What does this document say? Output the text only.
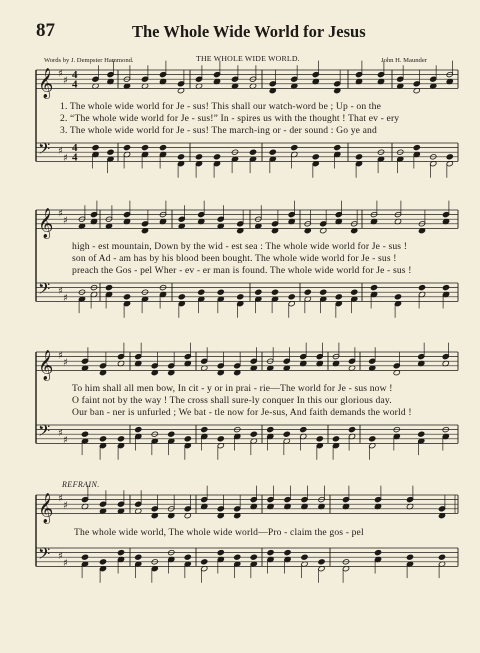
87	The Whole Wide World for Jesus
Words by J. Dempster Hammond.	THE WHOLE WIDE WORLD.	John H. Maunder
𝄞
𝄢
♯
♯
♯
♯
4
4
4
4
𝄞
𝄢
♯
♯
♯
♯
𝄞
𝄢
♯
♯
♯
♯
𝄞
𝄢
♯
♯
♯
♯
1. The whole wide world for Je - sus! This shall our watch-word be ; Up - on the
2. “The whole wide world for Je - sus!” In - spires us with the thought ! That ev - ery
3. The whole wide world for Je - sus! The march-ing or - der sound : Go ye and
high - est mountain, Down by the wid - est sea : The whole wide world for Je - sus !
son of Ad - am has by his blood been bought. The whole wide world for Je - sus !
preach the Gos - pel Wher - ev - er man is found. The whole wide world for Je - sus !
To him shall all men bow, In cit - y or in prai - rie—The world for Je - sus now !
O faint not by the way ! The cross shall sure-ly conquer In this our glorious day.
Our ban - ner is unfurled ; We bat - tle now for Je-sus, And faith demands the world !
REFRAIN.
The whole wide world, The whole wide world—Pro - claim the gos - pel
